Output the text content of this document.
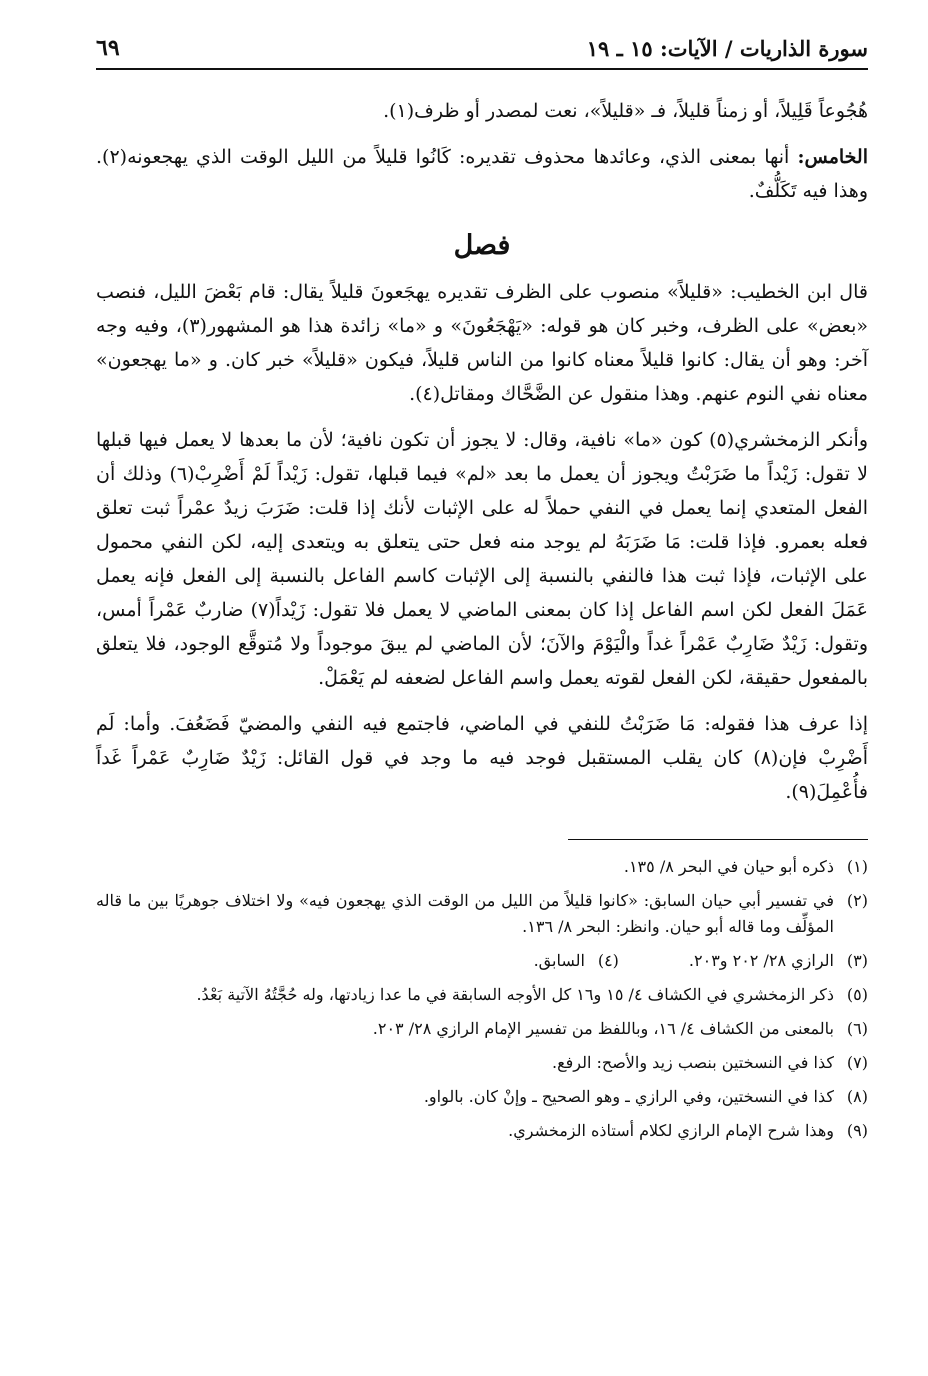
سورة الذاريات / الآيات: ١٥ ـ ١٩
٦٩

هُجُوعاً قَلِيلاً، أو زمناً قليلاً، فـ «قليلاً»، نعت لمصدر أو ظرف(١).

الخامس: أنها بمعنى الذي، وعائدها محذوف تقديره: كَانُوا قليلاً من الليل الوقت الذي يهجعونه(٢). وهذا فيه تَكَلُّفٌ.

فصل

قال ابن الخطيب: «قليلاً» منصوب على الظرف تقديره يهجَعونَ قليلاً يقال: قام بَعْضَ الليل، فنصب «بعض» على الظرف، وخبر كان هو قوله: «يَهْجَعُونَ» و «ما» زائدة هذا هو المشهور(٣)، وفيه وجه آخر: وهو أن يقال: كانوا قليلاً معناه كانوا من الناس قليلاً، فيكون «قليلاً» خبر كان. و «ما يهجعون» معناه نفي النوم عنهم. وهذا منقول عن الضَّحَّاك ومقاتل(٤).

وأنكر الزمخشري(٥) كون «ما» نافية، وقال: لا يجوز أن تكون نافية؛ لأن ما بعدها لا يعمل فيها قبلها لا تقول: زَيْداً ما ضَرَبْتُ ويجوز أن يعمل ما بعد «لم» فيما قبلها، تقول: زَيْداً لَمْ أَضْرِبْ(٦) وذلك أن الفعل المتعدي إنما يعمل في النفي حملاً له على الإثبات لأنك إذا قلت: ضَرَبَ زيدٌ عمْراً ثبت تعلق فعله بعمرو. فإذا قلت: مَا ضَرَبَهُ لم يوجد منه فعل حتى يتعلق به ويتعدى إليه، لكن النفي محمول على الإثبات، فإذا ثبت هذا فالنفي بالنسبة إلى الإثبات كاسم الفاعل بالنسبة إلى الفعل فإنه يعمل عَمَلَ الفعل لكن اسم الفاعل إذا كان بمعنى الماضي لا يعمل فلا تقول: زَيْداً(٧) ضاربٌ عَمْراً أمس، وتقول: زَيْدٌ ضَارِبٌ عَمْراً غداً والْيَوْمَ والآنَ؛ لأن الماضي لم يبقَ موجوداً ولا مُتوقَّع الوجود، فلا يتعلق بالمفعول حقيقة، لكن الفعل لقوته يعمل واسم الفاعل لضعفه لم يَعْمَلْ.

إذا عرف هذا فقوله: مَا ضَرَبْتُ للنفي في الماضي، فاجتمع فيه النفي والمضيّ فَضَعُفَ. وأما: لَم أَضْرِبْ فإن(٨) كان يقلب المستقبل فوجد فيه ما وجد في قول القائل: زَيْدٌ ضَارِبٌ عَمْراً غَداً فأُعْمِلَ(٩).

(١)
ذكره أبو حيان في البحر ٨/ ١٣٥.
(٢)
في تفسير أبي حيان السابق: «كانوا قليلاً من الليل من الوقت الذي يهجعون فيه» ولا اختلاف جوهريًا بين ما قاله المؤلِّف وما قاله أبو حيان. وانظر: البحر ٨/ ١٣٦.
(٣)
الرازي ٢٨/ ٢٠٢ و٢٠٣.
(٤)
السابق.
(٥)
ذكر الزمخشري في الكشاف ٤/ ١٥ و١٦ كل الأوجه السابقة في ما عدا زيادتها، وله حُجَّتُهُ الآتية بَعْدُ.
(٦)
بالمعنى من الكشاف ٤/ ١٦، وباللفظ من تفسير الإمام الرازي ٢٨/ ٢٠٣.
(٧)
كذا في النسختين بنصب زيد والأصح: الرفع.
(٨)
كذا في النسختين، وفي الرازي ـ وهو الصحيح ـ وإنْ كان. بالواو.
(٩)
وهذا شرح الإمام الرازي لكلام أستاذه الزمخشري.
